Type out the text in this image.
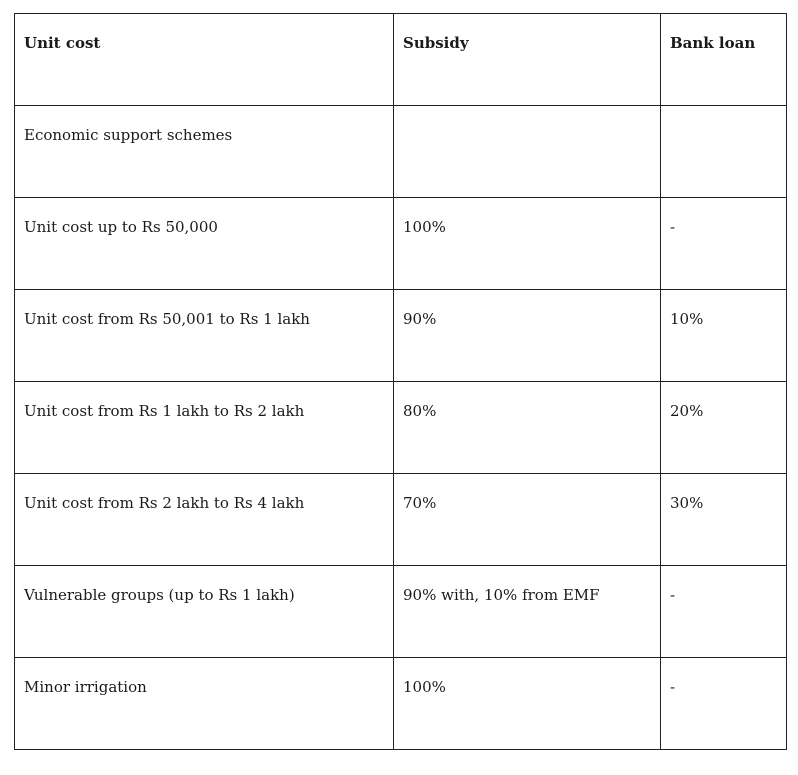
Unit cost	Subsidy	Bank loan
Economic support schemes		
Unit cost up to Rs 50,000	100%	-
Unit cost from Rs 50,001 to Rs 1 lakh	90%	10%
Unit cost from Rs 1 lakh to Rs 2 lakh	80%	20%
Unit cost from Rs 2 lakh to Rs 4 lakh	70%	30%
Vulnerable groups (up to Rs 1 lakh)	90% with, 10% from EMF	-
Minor irrigation	100%	-
